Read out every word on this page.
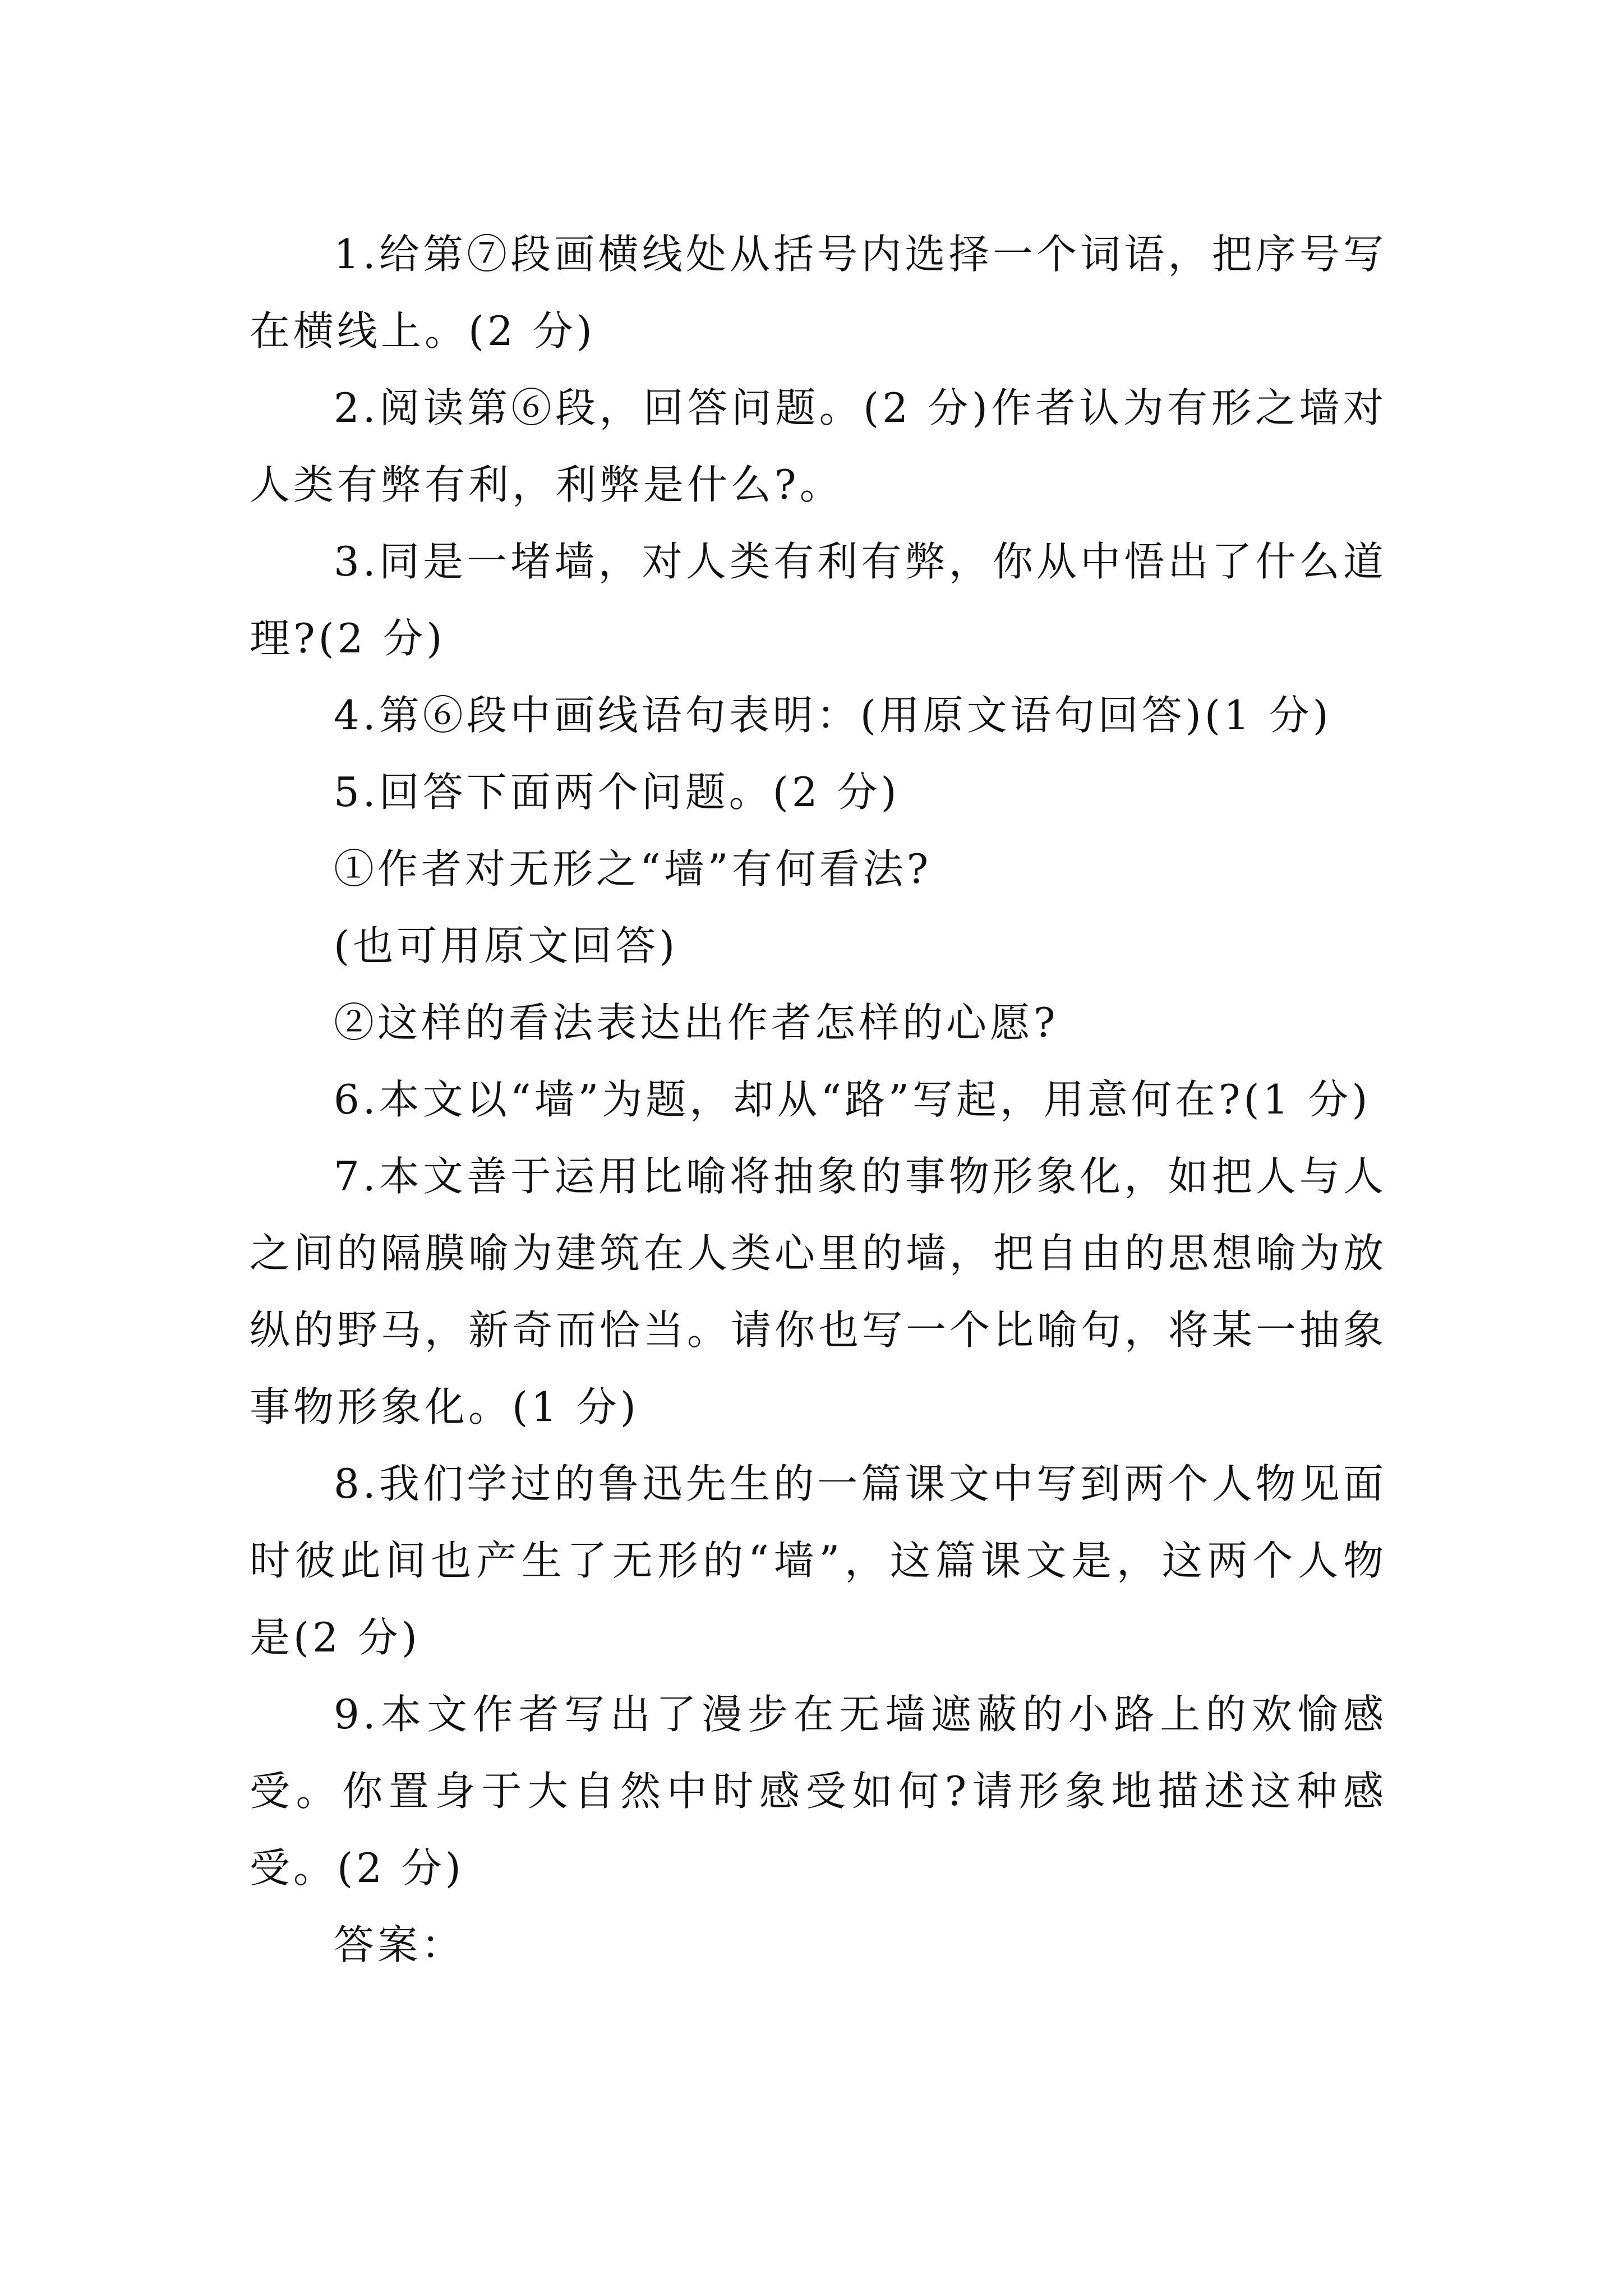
1.给第⑦段画横线处从括号内选择一个词语，把序号写在横线上。(2 分)

2.阅读第⑥段，回答问题。(2 分)作者认为有形之墙对人类有弊有利，利弊是什么?。

3.同是一堵墙，对人类有利有弊，你从中悟出了什么道理?(2 分)

4.第⑥段中画线语句表明：(用原文语句回答)(1 分)

5.回答下面两个问题。(2 分)

①作者对无形之“墙”有何看法?

(也可用原文回答)

②这样的看法表达出作者怎样的心愿?

6.本文以“墙”为题，却从“路”写起，用意何在?(1 分)

7.本文善于运用比喻将抽象的事物形象化，如把人与人之间的隔膜喻为建筑在人类心里的墙，把自由的思想喻为放纵的野马，新奇而恰当。请你也写一个比喻句，将某一抽象事物形象化。(1 分)

8.我们学过的鲁迅先生的一篇课文中写到两个人物见面时彼此间也产生了无形的“墙”，这篇课文是，这两个人物是(2 分)

9.本文作者写出了漫步在无墙遮蔽的小路上的欢愉感受。你置身于大自然中时感受如何?请形象地描述这种感受。(2 分)

答案：
